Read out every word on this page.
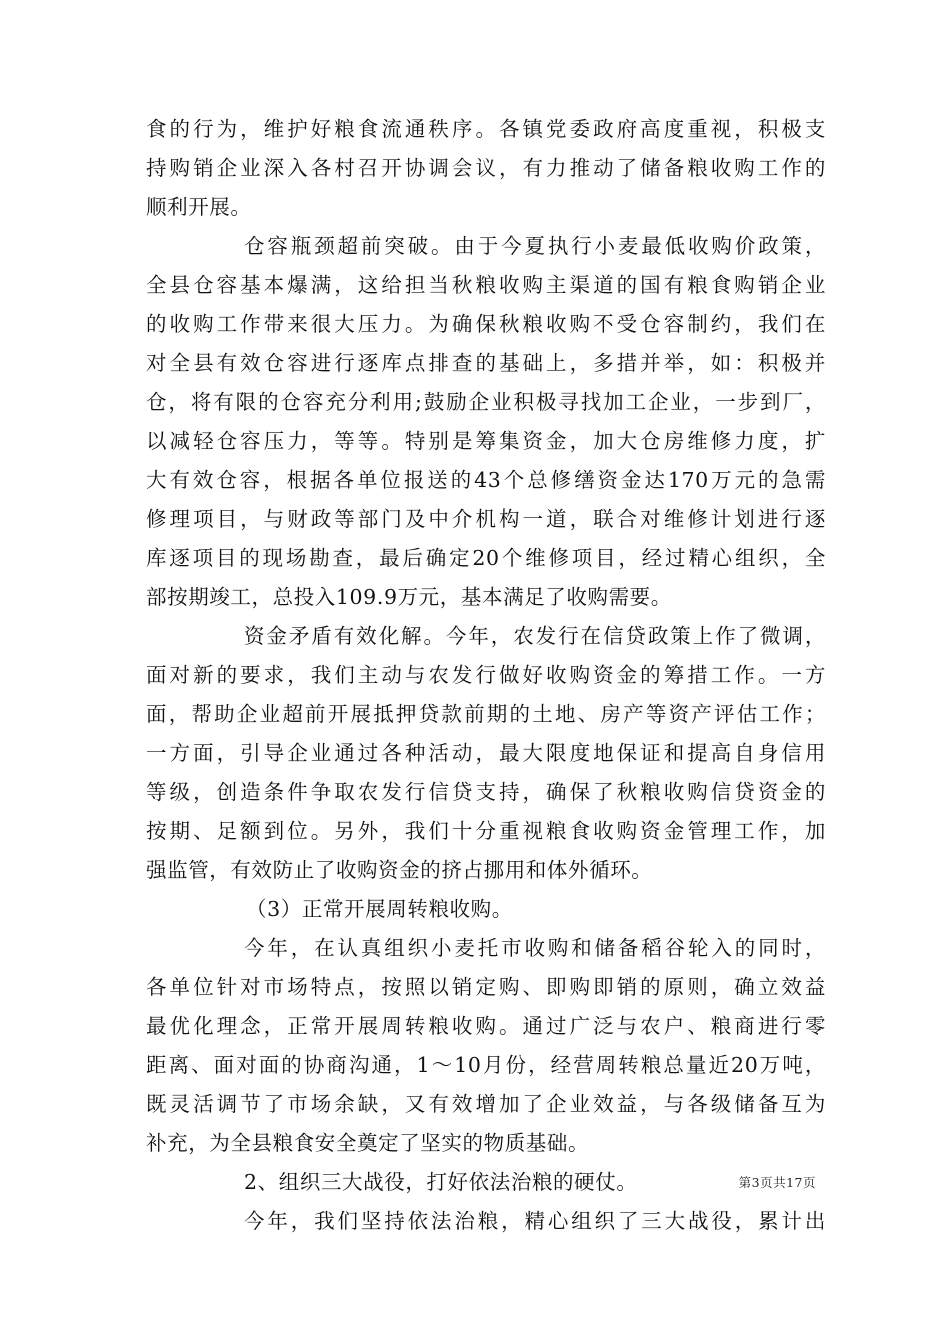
食的行为，维护好粮食流通秩序。各镇党委政府高度重视，积极支
持购销企业深入各村召开协调会议，有力推动了储备粮收购工作的
顺利开展。
仓容瓶颈超前突破。由于今夏执行小麦最低收购价政策，
全县仓容基本爆满，这给担当秋粮收购主渠道的国有粮食购销企业
的收购工作带来很大压力。为确保秋粮收购不受仓容制约，我们在
对全县有效仓容进行逐库点排查的基础上，多措并举，如：积极并
仓，将有限的仓容充分利用;鼓励企业积极寻找加工企业，一步到厂，
以减轻仓容压力，等等。特别是筹集资金，加大仓房维修力度，扩
大有效仓容，根据各单位报送的43个总修缮资金达170万元的急需
修理项目，与财政等部门及中介机构一道，联合对维修计划进行逐
库逐项目的现场勘查，最后确定20个维修项目，经过精心组织，全
部按期竣工，总投入109.9万元，基本满足了收购需要。
资金矛盾有效化解。今年，农发行在信贷政策上作了微调，
面对新的要求，我们主动与农发行做好收购资金的筹措工作。一方
面，帮助企业超前开展抵押贷款前期的土地、房产等资产评估工作；
一方面，引导企业通过各种活动，最大限度地保证和提高自身信用
等级，创造条件争取农发行信贷支持，确保了秋粮收购信贷资金的
按期、足额到位。另外，我们十分重视粮食收购资金管理工作，加
强监管，有效防止了收购资金的挤占挪用和体外循环。
（3）正常开展周转粮收购。
今年，在认真组织小麦托市收购和储备稻谷轮入的同时，
各单位针对市场特点，按照以销定购、即购即销的原则，确立效益
最优化理念，正常开展周转粮收购。通过广泛与农户、粮商进行零
距离、面对面的协商沟通，1～10月份，经营周转粮总量近20万吨，
既灵活调节了市场余缺，又有效增加了企业效益，与各级储备互为
补充，为全县粮食安全奠定了坚实的物质基础。
2、组织三大战役，打好依法治粮的硬仗。
今年，我们坚持依法治粮，精心组织了三大战役，累计出
第3页共17页
